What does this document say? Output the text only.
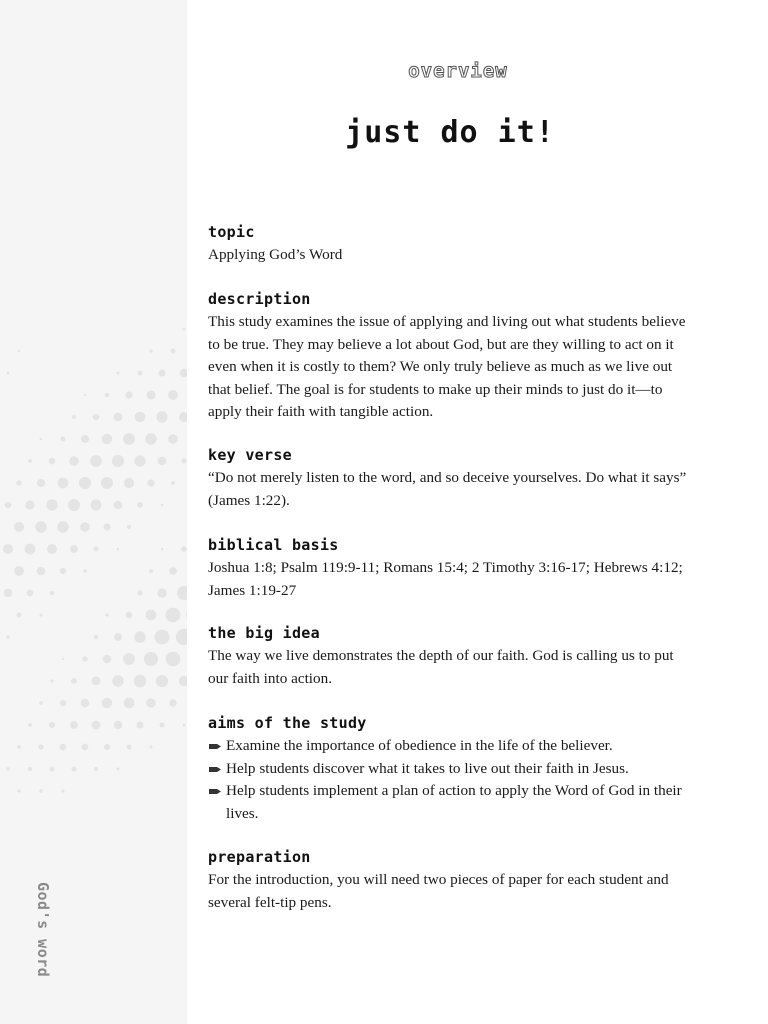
God's word
overview
just do it!
topic

Applying God’s Word

description

This study examines the issue of applying and living out what students believe to be true. They may believe a lot about God, but are they willing to act on it even when it is costly to them? We only truly believe as much as we live out that belief. The goal is for students to make up their minds to just do it—to apply their faith with tangible action.

key verse

“Do not merely listen to the word, and so deceive yourselves. Do what it says” (James 1:22).

biblical basis

Joshua 1:8; Psalm 119:9-11; Romans 15:4; 2 Timothy 3:16-17; Hebrews 4:12; James 1:19-27

the big idea

The way we live demonstrates the depth of our faith. God is calling us to put our faith into action.

aims of the study
Examine the importance of obedience in the life of the believer.
Help students discover what it takes to live out their faith in Jesus.
Help students implement a plan of action to apply the Word of God in their lives.
preparation

For the introduction, you will need two pieces of paper for each student and several felt-tip pens.
